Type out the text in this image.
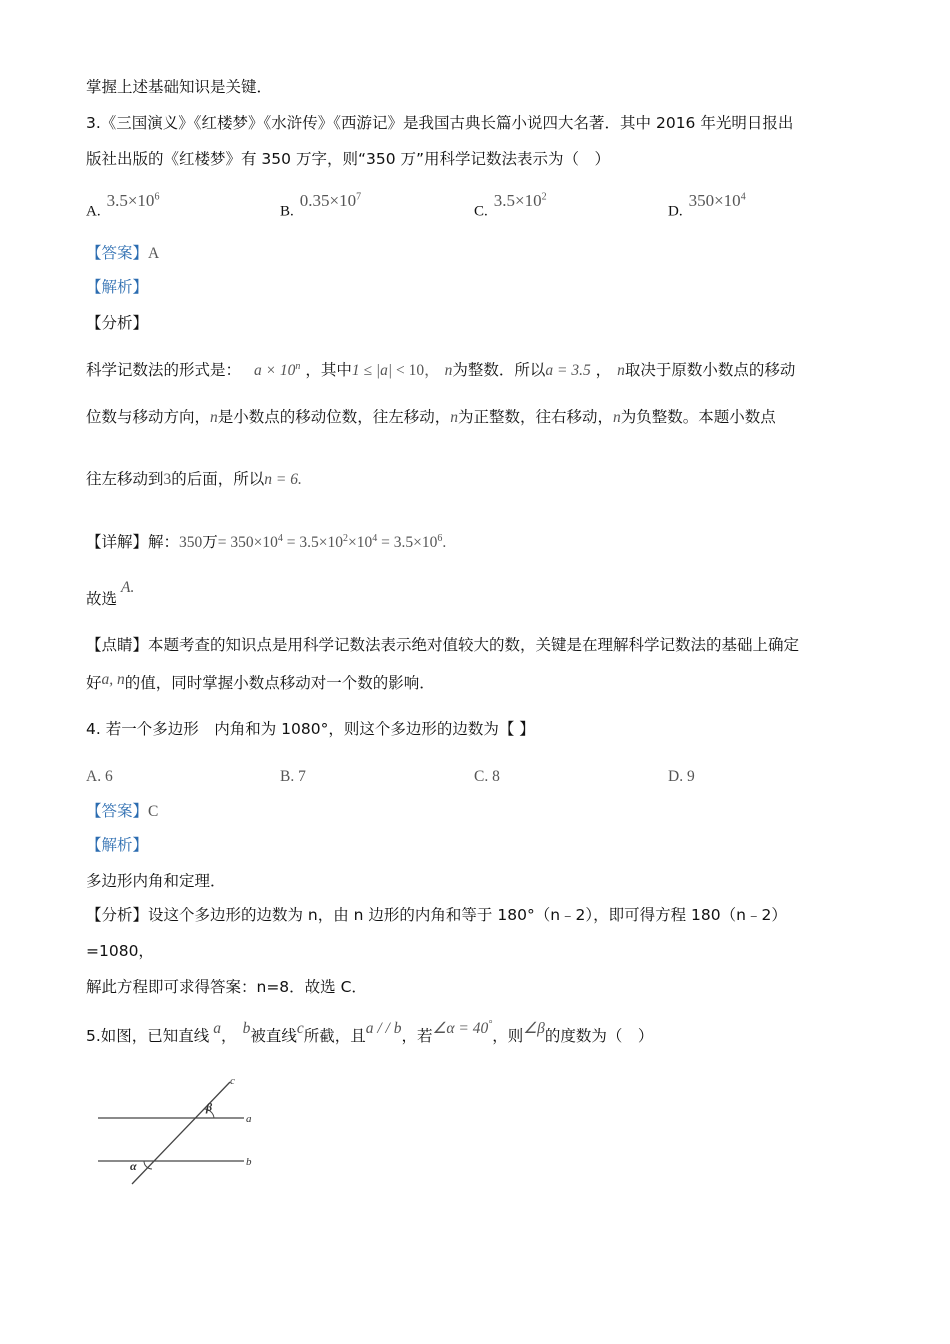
掌握上述基础知识是关键．
3.《三国演义》《红楼梦》《水浒传》《西游记》是我国古典长篇小说四大名著．其中 2016 年光明日报出
版社出版的《红楼梦》有 350 万字，则“350 万”用科学记数法表示为（　）
$A.3.5\times 10^6$
$B.0.35\times 10^7$
$C.3.5\times 10^2$
$D.350\times 10^4$
【答案】A
【解析】
【分析】
科学记数法的形式是： $a \times 10^n$ ，其中1 ≤ |a| < 10， n为整数．所以a = 3.5 ， n取决于原数小数点的移动
位数与移动方向，n是小数点的移动位数，往左移动，n为正整数，往右移动，n为负整数。本题小数点
往左移动到3的后面，所以n = 6.
【详解】解：350万= $350\times 10^4 = 3.5\times 10^2\times 10^4 = 3.5\times 10^6$.
故选A.
【点睛】本题考查的知识点是用科学记数法表示绝对值较大的数，关键是在理解科学记数法的基础上确定
好a, n的值，同时掌握小数点移动对一个数的影响．
4. 若一个多边形　内角和为 1080°，则这个多边形的边数为【 】
A. 6	B. 7	C. 8	D. 9
【答案】C
【解析】
多边形内角和定理．
【分析】设这个多边形的边数为 n，由 n 边形的内角和等于 180°（n﹣2），即可得方程 180（n﹣2）
=1080，
解此方程即可求得答案：n=8．故选 C．
5.如图，已知直线 a， b被直线c所截，且a / / b，若∠α = 40°，则∠β的度数为（　）
a
b
c
β
α
